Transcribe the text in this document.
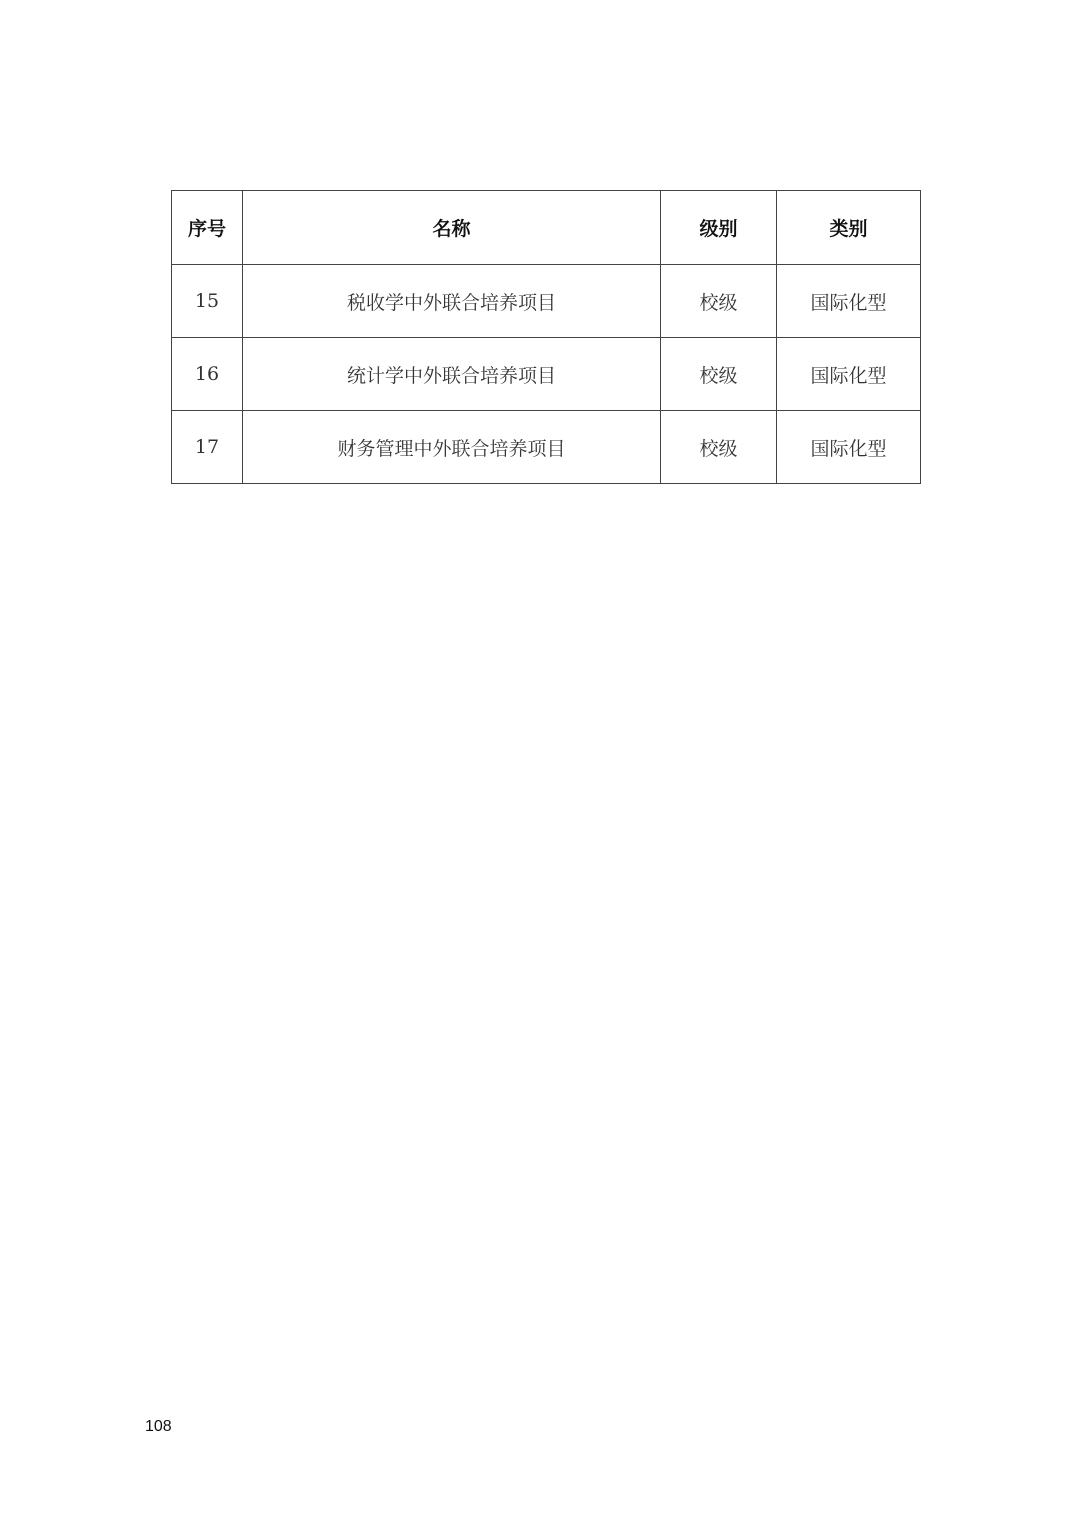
序号	名称	级别	类别
15	税收学中外联合培养项目	校级	国际化型
16	统计学中外联合培养项目	校级	国际化型
17	财务管理中外联合培养项目	校级	国际化型
108
